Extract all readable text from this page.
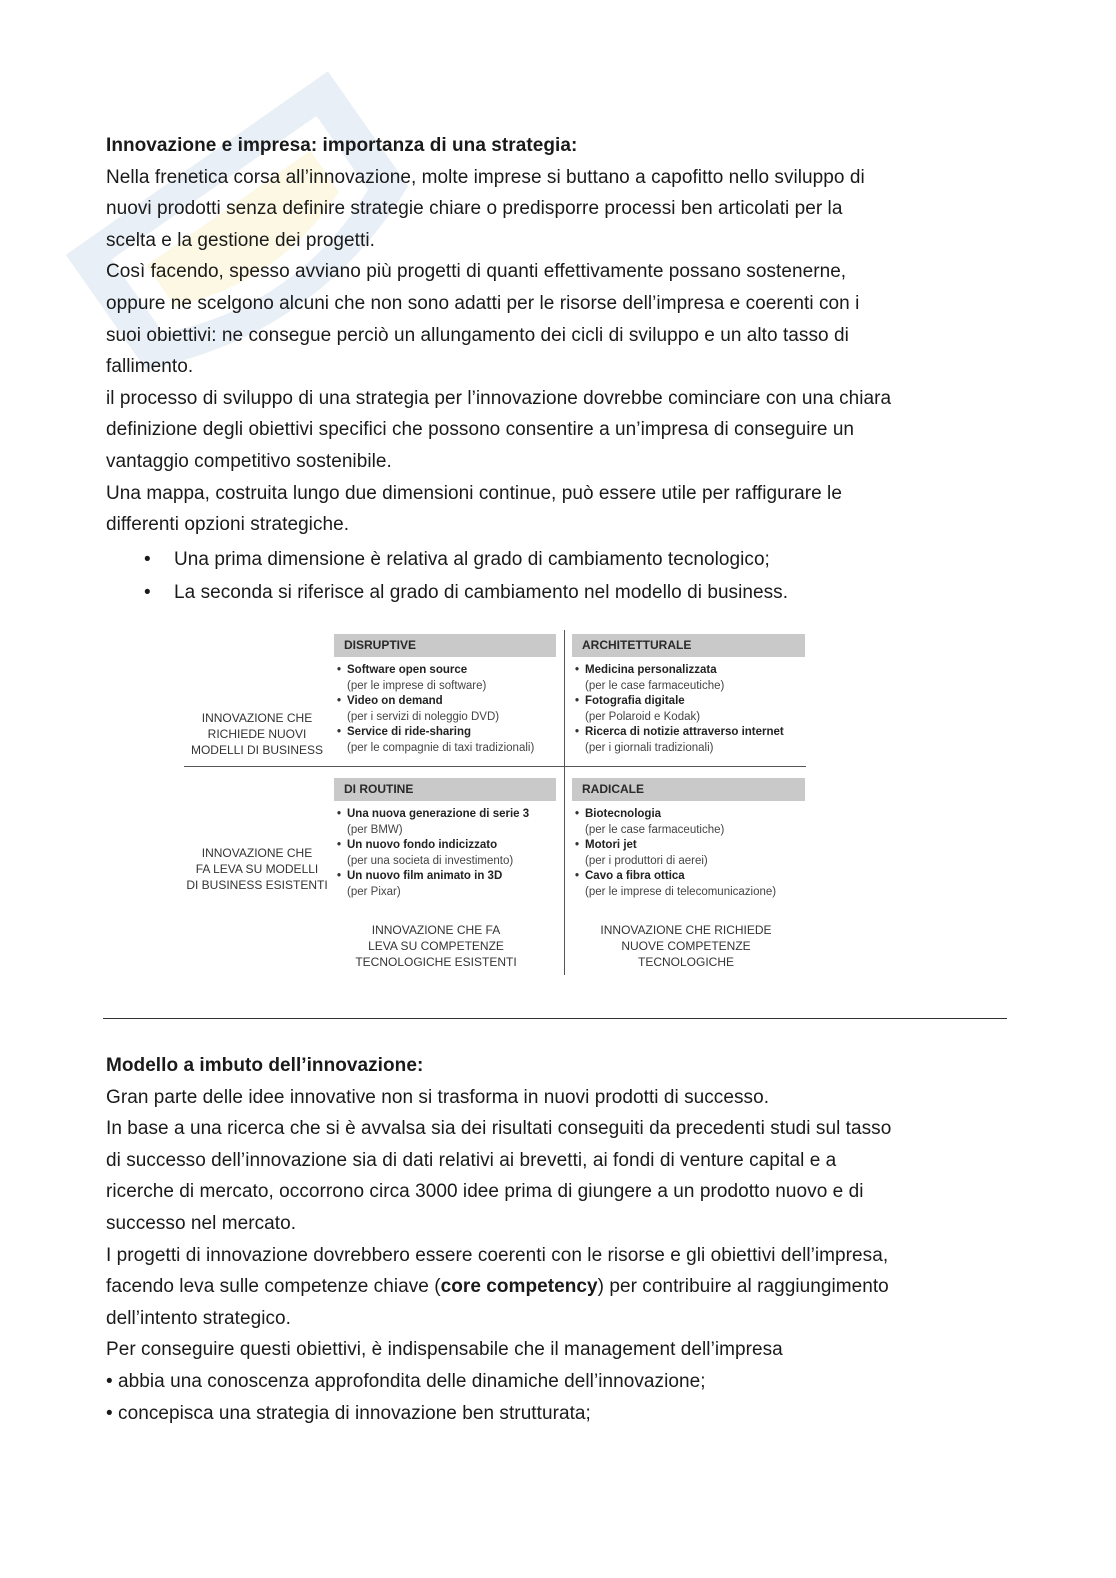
Innovazione e impresa: importanza di una strategia:

Nella frenetica corsa all’innovazione, molte imprese si buttano a capofitto nello sviluppo di

nuovi prodotti senza definire strategie chiare o predisporre processi ben articolati per la

scelta e la gestione dei progetti.

Così facendo, spesso avviano più progetti di quanti effettivamente possano sostenerne,

oppure ne scelgono alcuni che non sono adatti per le risorse dell’impresa e coerenti con i

suoi obiettivi: ne consegue perciò un allungamento dei cicli di sviluppo e un alto tasso di

fallimento.

il processo di sviluppo di una strategia per l’innovazione dovrebbe cominciare con una chiara

definizione degli obiettivi specifici che possono consentire a un’impresa di conseguire un

vantaggio competitivo sostenibile.

Una mappa, costruita lungo due dimensioni continue, può essere utile per raffigurare le

differenti opzioni strategiche.

• Una prima dimensione è relativa al grado di cambiamento tecnologico;
• La seconda si riferisce al grado di cambiamento nel modello di business.
INNOVAZIONE CHE
RICHIEDE NUOVI
MODELLI DI BUSINESS
INNOVAZIONE CHE
FA LEVA SU MODELLI
DI BUSINESS ESISTENTI
DISRUPTIVE
• Software open source
(per le imprese di software)
• Video on demand
(per i servizi di noleggio DVD)
• Service di ride-sharing
(per le compagnie di taxi tradizionali)
ARCHITETTURALE
• Medicina personalizzata
(per le case farmaceutiche)
• Fotografia digitale
(per Polaroid e Kodak)
• Ricerca di notizie attraverso internet
(per i giornali tradizionali)
DI ROUTINE
• Una nuova generazione di serie 3
(per BMW)
• Un nuovo fondo indicizzato
(per una societa di investimento)
• Un nuovo film animato in 3D
(per Pixar)
RADICALE
• Biotecnologia
(per le case farmaceutiche)
• Motori jet
(per i produttori di aerei)
• Cavo a fibra ottica
(per le imprese di telecomunicazione)
INNOVAZIONE CHE FA
LEVA SU COMPETENZE
TECNOLOGICHE ESISTENTI
INNOVAZIONE CHE RICHIEDE
NUOVE COMPETENZE
TECNOLOGICHE

Modello a imbuto dell’innovazione:

Gran parte delle idee innovative non si trasforma in nuovi prodotti di successo.

In base a una ricerca che si è avvalsa sia dei risultati conseguiti da precedenti studi sul tasso

di successo dell’innovazione sia di dati relativi ai brevetti, ai fondi di venture capital e a

ricerche di mercato, occorrono circa 3000 idee prima di giungere a un prodotto nuovo e di

successo nel mercato.

I progetti di innovazione dovrebbero essere coerenti con le risorse e gli obiettivi dell’impresa,

facendo leva sulle competenze chiave (core competency) per contribuire al raggiungimento

dell’intento strategico.

Per conseguire questi obiettivi, è indispensabile che il management dell’impresa

• abbia una conoscenza approfondita delle dinamiche dell’innovazione;

• concepisca una strategia di innovazione ben strutturata;
